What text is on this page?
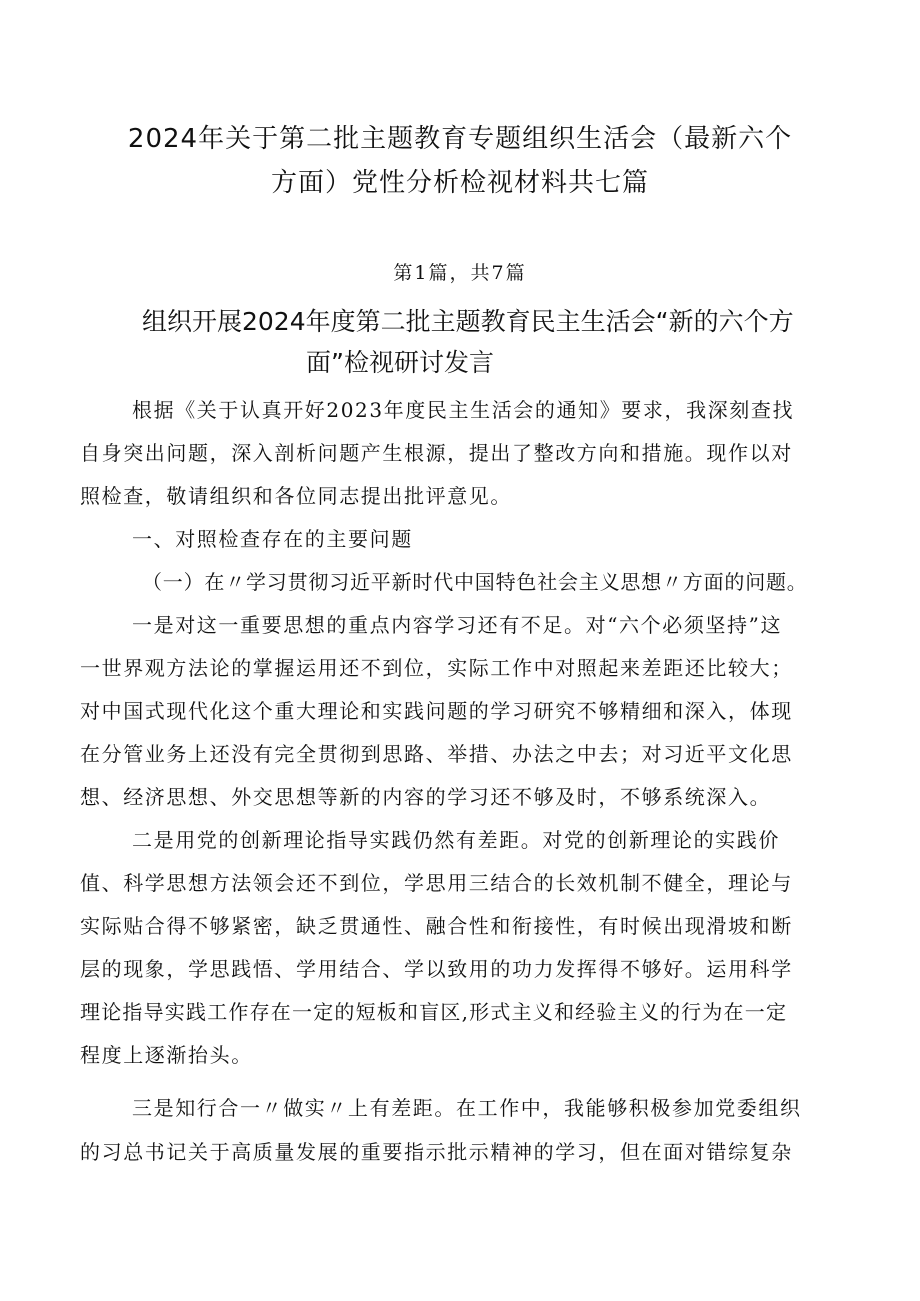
2024年关于第二批主题教育专题组织生活会（最新六个
方面）党性分析检视材料共七篇
第1篇，共7篇
组织开展2024年度第二批主题教育民主生活会“新的六个方
面”检视研讨发言
根据《关于认真开好2023年度民主生活会的通知》要求，我深刻查找
自身突出问题，深入剖析问题产生根源，提出了整改方向和措施。现作以对
照检查，敬请组织和各位同志提出批评意见。
一、对照检查存在的主要问题
（一）在〃学习贯彻习近平新时代中国特色社会主义思想〃方面的问题。
一是对这一重要思想的重点内容学习还有不足。对“六个必须坚持”这
一世界观方法论的掌握运用还不到位，实际工作中对照起来差距还比较大；
对中国式现代化这个重大理论和实践问题的学习研究不够精细和深入，体现
在分管业务上还没有完全贯彻到思路、举措、办法之中去；对习近平文化思
想、经济思想、外交思想等新的内容的学习还不够及时，不够系统深入。
二是用党的创新理论指导实践仍然有差距。对党的创新理论的实践价
值、科学思想方法领会还不到位，学思用三结合的长效机制不健全，理论与
实际贴合得不够紧密，缺乏贯通性、融合性和衔接性，有时候出现滑坡和断
层的现象，学思践悟、学用结合、学以致用的功力发挥得不够好。运用科学
理论指导实践工作存在一定的短板和盲区,形式主义和经验主义的行为在一定
程度上逐渐抬头。
三是知行合一〃做实〃上有差距。在工作中，我能够积极参加党委组织
的习总书记关于高质量发展的重要指示批示精神的学习，但在面对错综复杂
